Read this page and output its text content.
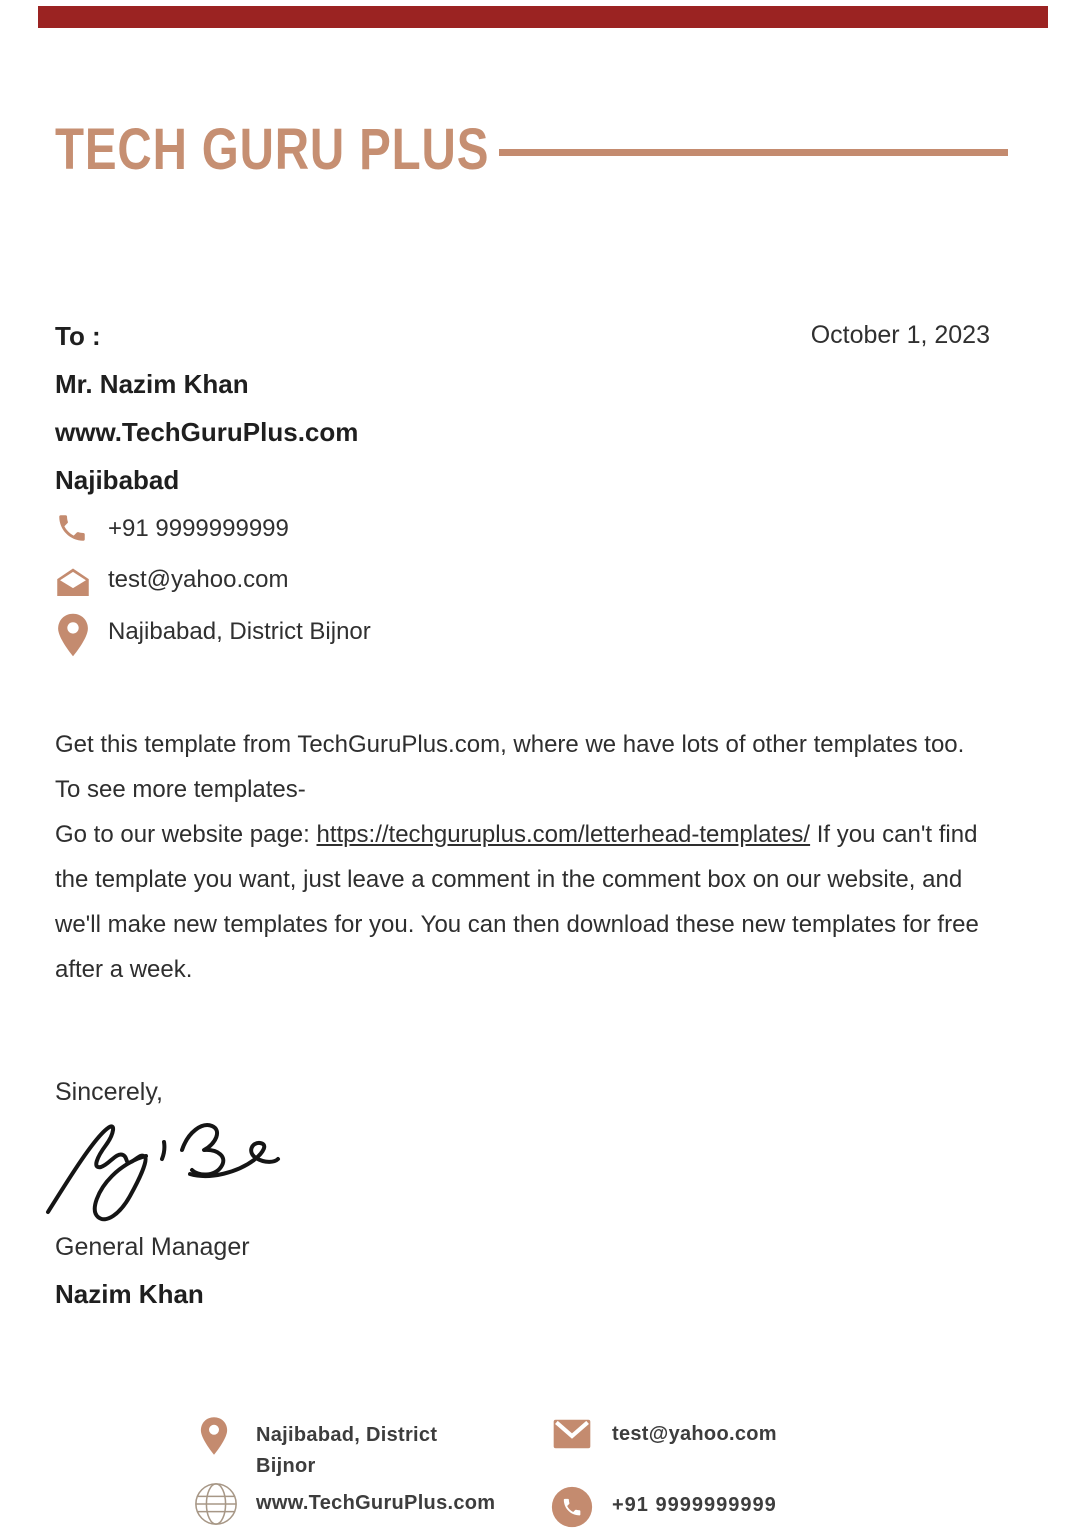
TECH GURU PLUS
October 1, 2023
To :
Mr. Nazim Khan
www.TechGuruPlus.com
Najibabad
+91 9999999999
test@yahoo.com
Najibabad, District Bijnor
Get this template from TechGuruPlus.com, where we have lots of other templates too.
To see more templates-
Go to our website page: https://techguruplus.com/letterhead-templates/ If you can't find
the template you want, just leave a comment in the comment box on our website, and
we'll make new templates for you. You can then download these new templates for free
after a week.
Sincerely,
General Manager
Nazim Khan
Najibabad, District
Bijnor
www.TechGuruPlus.com
test@yahoo.com
+91 9999999999
